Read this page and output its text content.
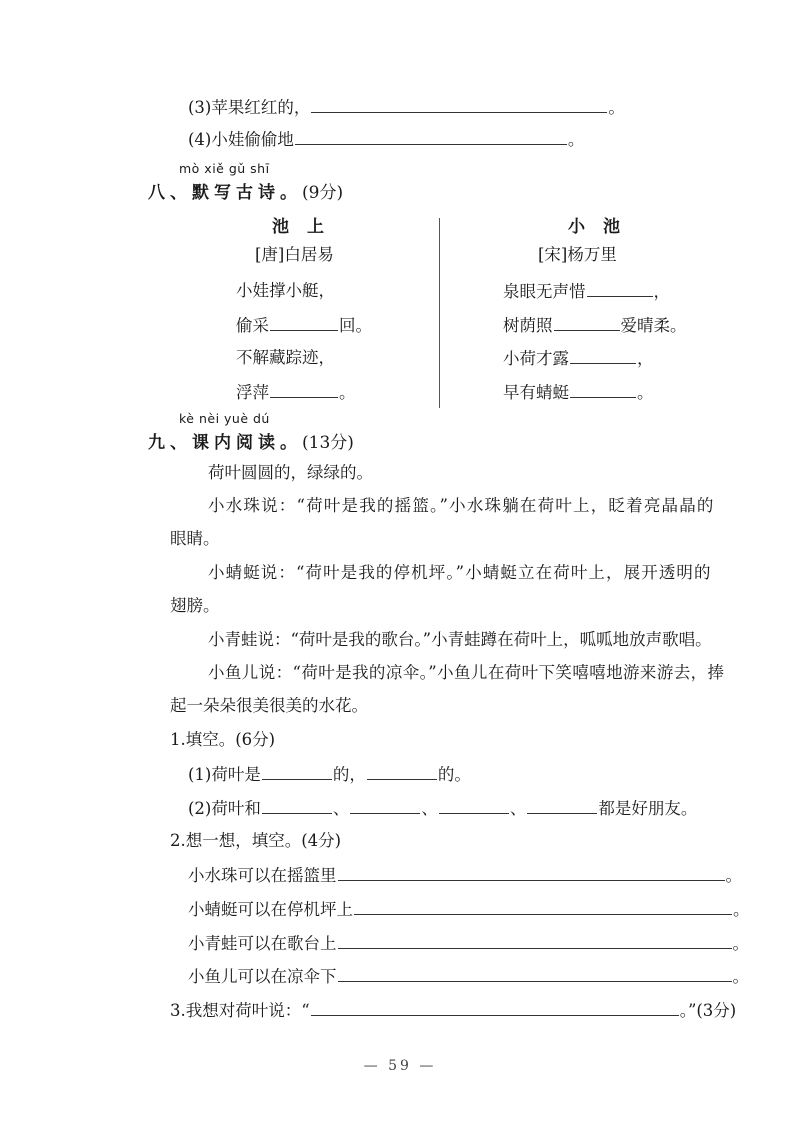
(3)苹果红红的，	。
(4)小娃偷偷地	。
mò xiě gǔ shī
八、默写古诗。(9分)
池上
[唐]白居易
小娃撑小艇，
偷采	回。
不解藏踪迹，
浮萍	。
小池
[宋]杨万里
泉眼无声惜	，
树荫照	爱晴柔。
小荷才露	，
早有蜻蜓	。
kè nèi yuè dú
九、课内阅读。(13分)
荷叶圆圆的，绿绿的。
小水珠说：“荷叶是我的摇篮。”小水珠躺在荷叶上，眨着亮晶晶的
眼睛。
小蜻蜓说：“荷叶是我的停机坪。”小蜻蜓立在荷叶上，展开透明的
翅膀。
小青蛙说：“荷叶是我的歌台。”小青蛙蹲在荷叶上，呱呱地放声歌唱。
小鱼儿说：“荷叶是我的凉伞。”小鱼儿在荷叶下笑嘻嘻地游来游去，捧
起一朵朵很美很美的水花。
1.填空。(6分)
(1)荷叶是	的，	的。
(2)荷叶和	、	、	、	都是好朋友。
2.想一想，填空。(4分)
小水珠可以在摇篮里	。
小蜻蜓可以在停机坪上	。
小青蛙可以在歌台上	。
小鱼儿可以在凉伞下	。
3.我想对荷叶说：“	。”(3分)
— 59 —
